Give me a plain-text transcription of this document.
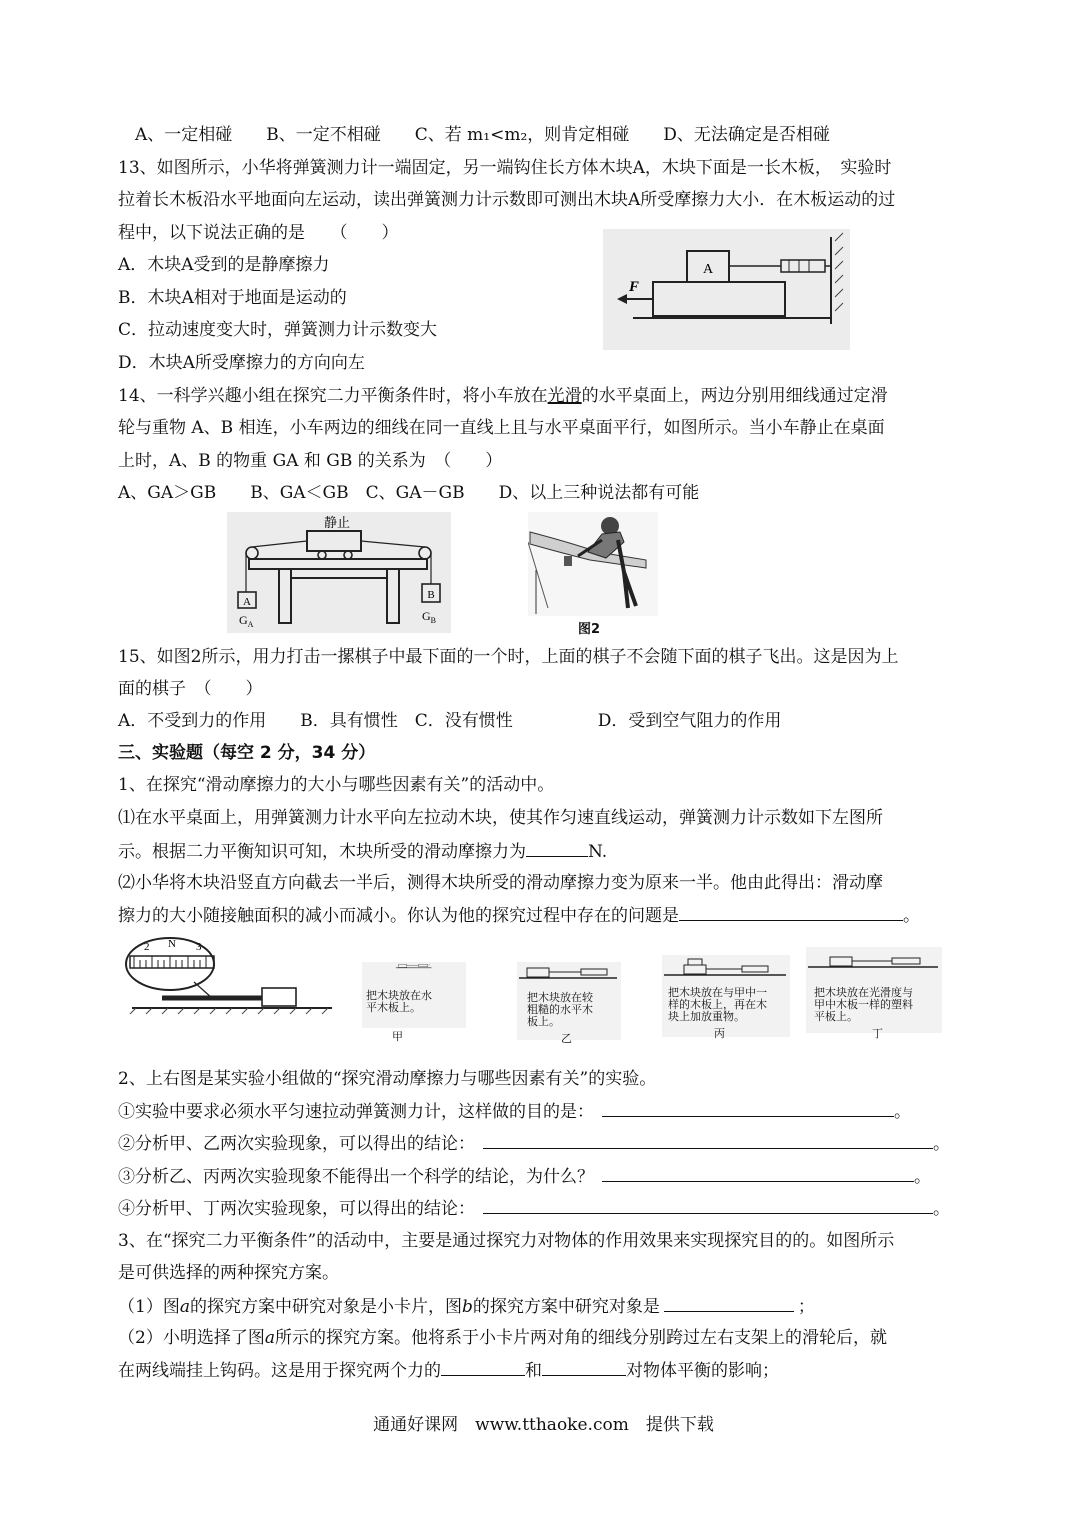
A、一定相碰　　B、一定不相碰　　C、若 m₁<m₂，则肯定相碰　　D、无法确定是否相碰
13、如图所示，小华将弹簧测力计一端固定，另一端钩住长方体木块A，木块下面是一长木板，　实验时
拉着长木板沿水平地面向左运动，读出弹簧测力计示数即可测出木块A所受摩擦力大小．在木板运动的过
程中，以下说法正确的是　　（　　）
A．木块A受到的是静摩擦力
B．木块A相对于地面是运动的
C．拉动速度变大时，弹簧测力计示数变大
D．木块A所受摩擦力的方向向左
A
F
14、一科学兴趣小组在探究二力平衡条件时，将小车放在光滑的水平桌面上，两边分别用细线通过定滑
轮与重物 A、B 相连，小车两边的细线在同一直线上且与水平桌面平行，如图所示。当小车静止在桌面
上时，A、B 的物重 GA 和 GB 的关系为　（　　）
A、GA＞GB　　B、GA＜GB　C、GA－GB　　D、以上三种说法都有可能
静止
A
B
$G_A$
$G_B$
图2
15、如图2所示，用力打击一摞棋子中最下面的一个时，上面的棋子不会随下面的棋子飞出。这是因为上
面的棋子　（　　）
A．不受到力的作用　　B．具有惯性　C．没有惯性　　　　　D．受到空气阻力的作用
三、实验题（每空 2 分，34 分）
1、在探究“滑动摩擦力的大小与哪些因素有关”的活动中。
⑴在水平桌面上，用弹簧测力计水平向左拉动木块，使其作匀速直线运动，弹簧测力计示数如下左图所
示。根据二力平衡知识可知，木块所受的滑动摩擦力为	N.
⑵小华将木块沿竖直方向截去一半后，测得木块所受的滑动摩擦力变为原来一半。他由此得出：滑动摩
擦力的大小随接触面积的减小而减小。你认为他的探究过程中存在的问题是	。
2 N 3
把木块放在水
平木板上。
甲
把木块放在较
粗糙的水平木
板上。
乙
把木块放在与甲中一
样的木板上，再在木
块上加放重物。
丙
把木块放在光滑度与
甲中木板一样的塑料
平板上。
丁
2、上右图是某实验小组做的“探究滑动摩擦力与哪些因素有关”的实验。
①实验中要求必须水平匀速拉动弹簧测力计，这样做的目的是：	。
②分析甲、乙两次实验现象，可以得出的结论：	。
③分析乙、丙两次实验现象不能得出一个科学的结论，为什么？	。
④分析甲、丁两次实验现象，可以得出的结论：	。
3、在“探究二力平衡条件”的活动中，主要是通过探究力对物体的作用效果来实现探究目的的。如图所示
是可供选择的两种探究方案。
（1）图a的探究方案中研究对象是小卡片，图b的探究方案中研究对象是	；
（2）小明选择了图a所示的探究方案。他将系于小卡片两对角的细线分别跨过左右支架上的滑轮后，就
在两线端挂上钩码。这是用于探究两个力的	和	对物体平衡的影响；
通通好课网　www.tthaoke.com　提供下载
